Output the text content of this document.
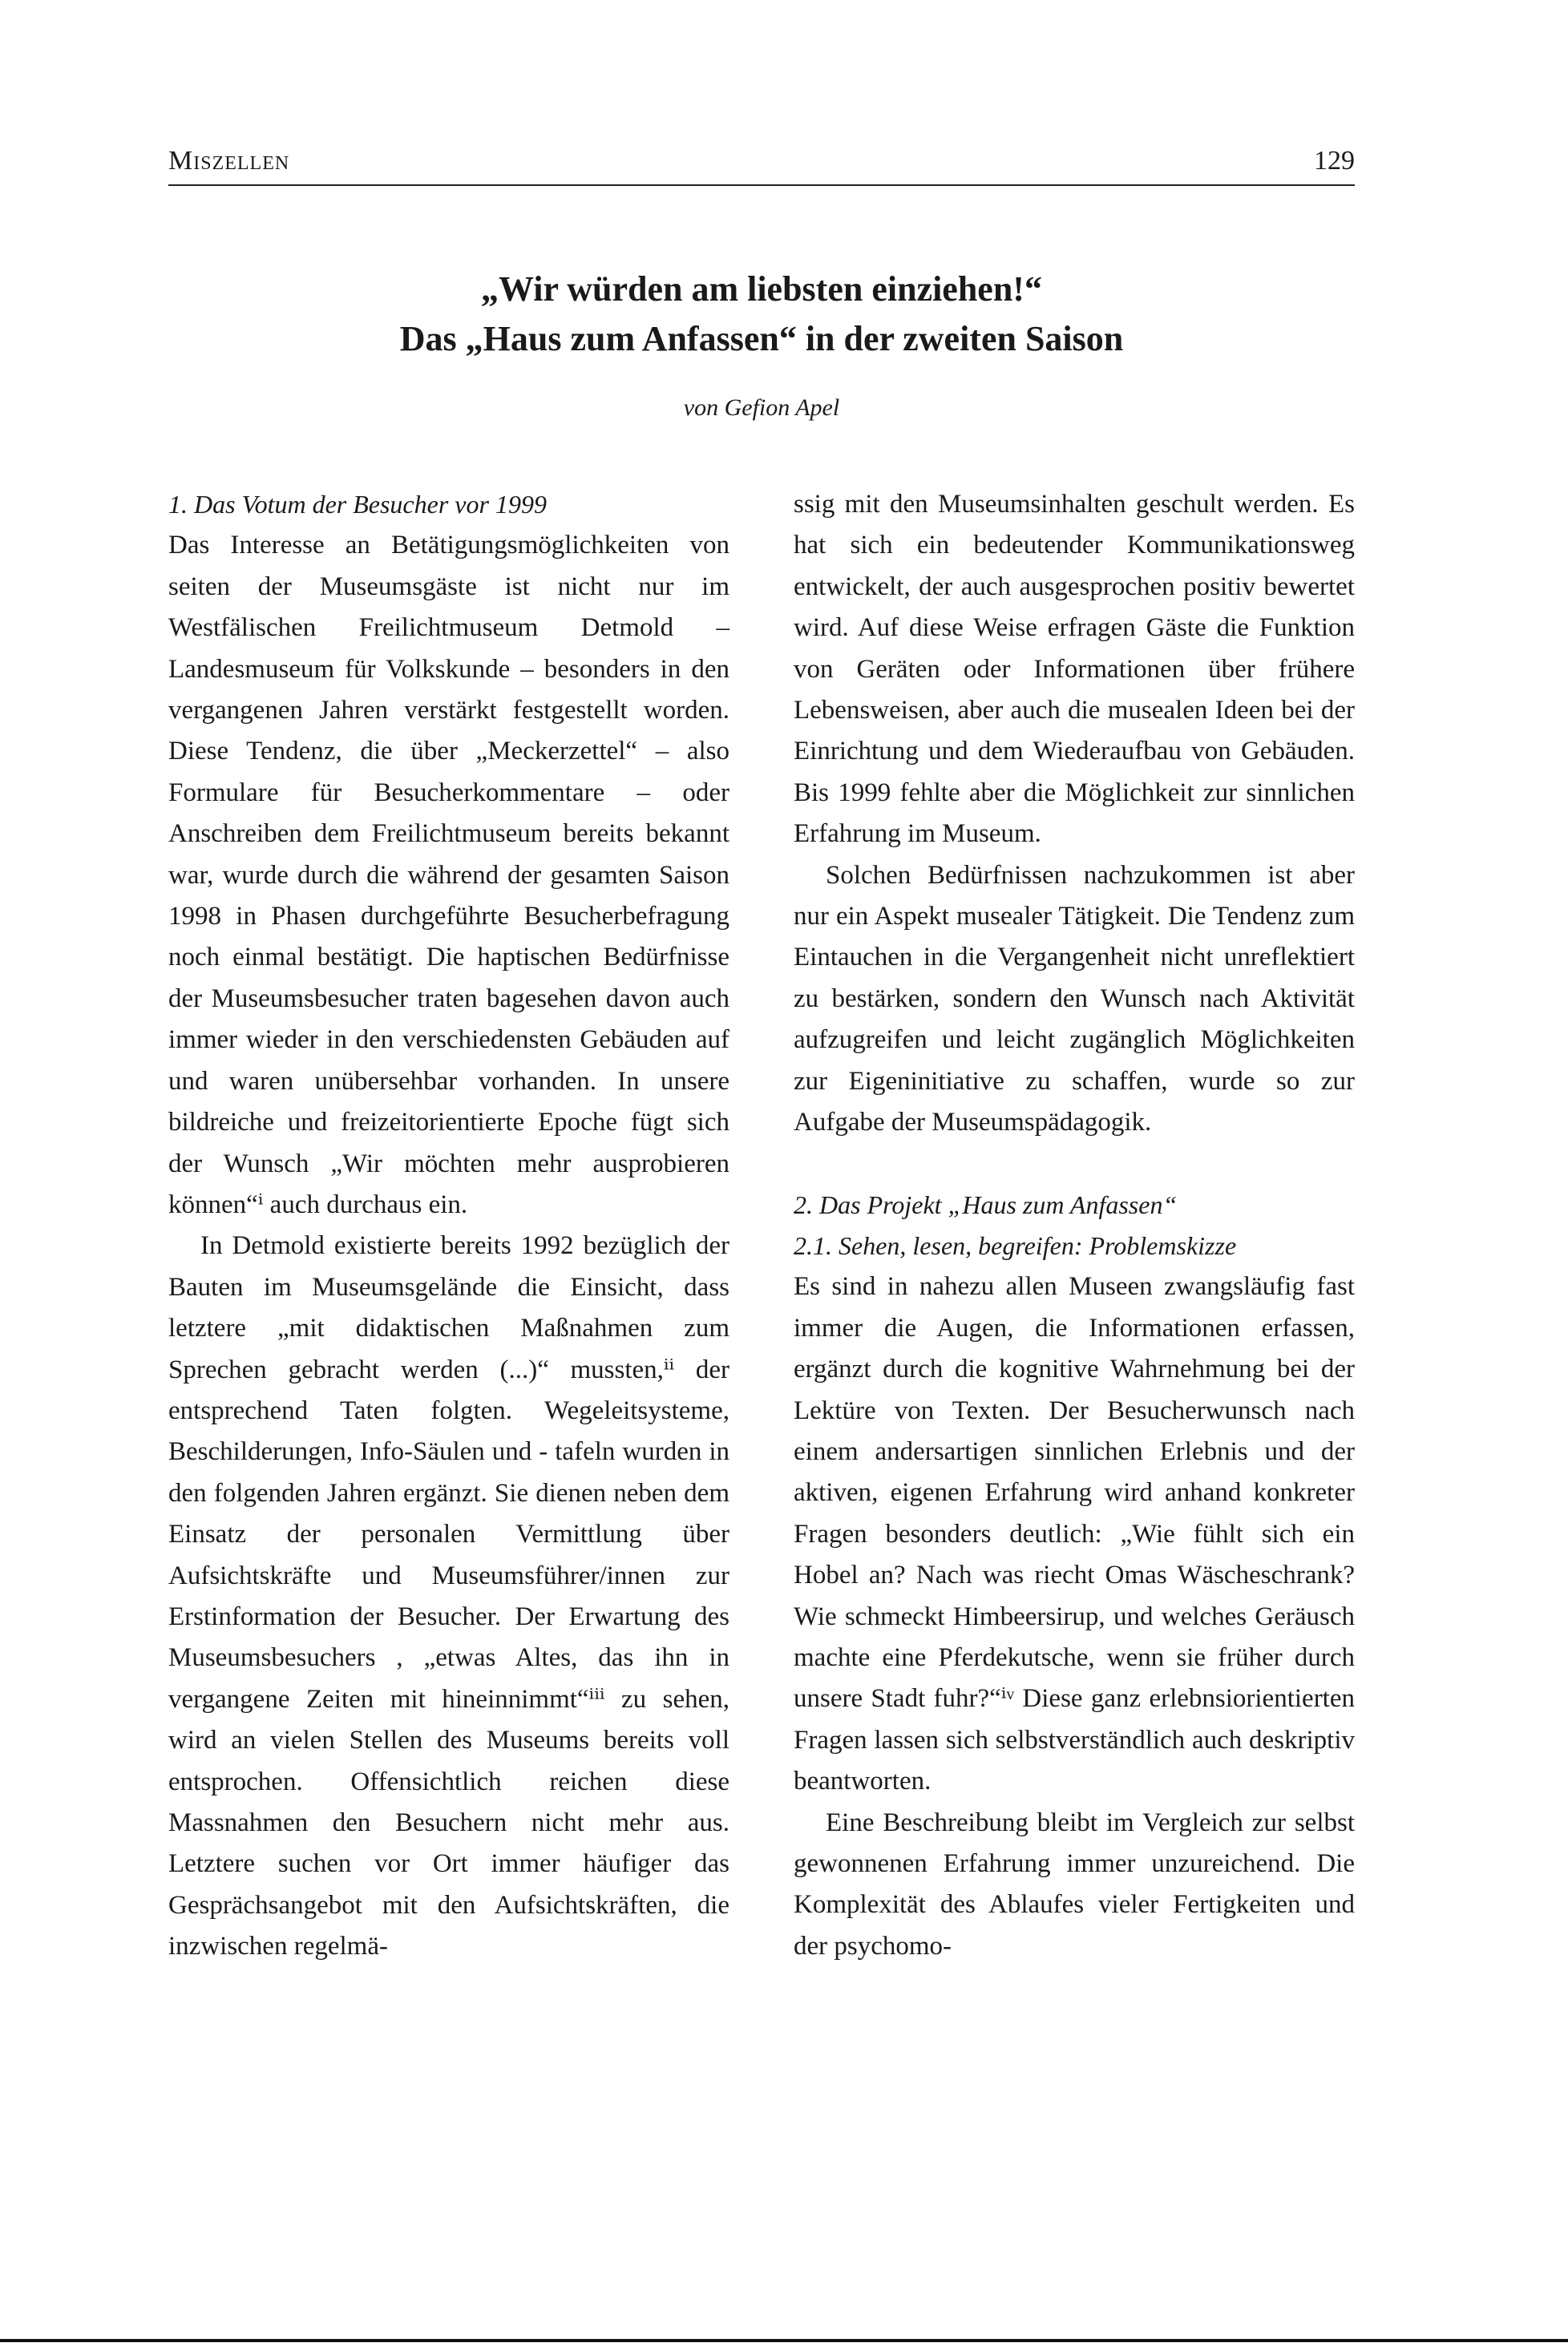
Miszellen	129

„Wir würden am liebsten einziehen!“

Das „Haus zum Anfassen“ in der zweiten Saison

von Gefion Apel
1. Das Votum der Besucher vor 1999

Das Interesse an Betätigungsmöglichkeiten von seiten der Museumsgäste ist nicht nur im Westfälischen Freilichtmuseum Detmold – Landesmuseum für Volkskunde – besonders in den vergangenen Jahren verstärkt festgestellt worden. Diese Tendenz, die über „Meckerzettel“ – also Formulare für Besucherkommentare – oder Anschreiben dem Freilichtmuseum bereits bekannt war, wurde durch die während der gesamten Saison 1998 in Phasen durchgeführte Besucherbefragung noch einmal bestätigt. Die haptischen Bedürfnisse der Museumsbesucher traten bagesehen davon auch immer wieder in den verschiedensten Gebäuden auf und waren unübersehbar vorhanden. In unsere bildreiche und freizeitorientierte Epoche fügt sich der Wunsch „Wir möchten mehr ausprobieren können“ⁱ auch durchaus ein.

In Detmold existierte bereits 1992 bezüglich der Bauten im Museumsgelände die Einsicht, dass letztere „mit didaktischen Maßnahmen zum Sprechen gebracht werden (...)“ mussten,ⁱⁱ der entsprechend Taten folgten. Wegeleitsysteme, Beschilderungen, Info-Säulen und - tafeln wurden in den folgenden Jahren ergänzt. Sie dienen neben dem Einsatz der personalen Vermittlung über Aufsichtskräfte und Museumsführer/innen zur Erstinformation der Besucher. Der Erwartung des Museumsbesuchers , „etwas Altes, das ihn in vergangene Zeiten mit hineinnimmt“ⁱⁱⁱ zu sehen, wird an vielen Stellen des Museums bereits voll entsprochen. Offensichtlich reichen diese Massnahmen den Besuchern nicht mehr aus. Letztere suchen vor Ort immer häufiger das Gesprächsangebot mit den Aufsichtskräften, die inzwischen regelmä-

ssig mit den Museumsinhalten geschult werden. Es hat sich ein bedeutender Kommunikationsweg entwickelt, der auch ausgesprochen positiv bewertet wird. Auf diese Weise erfragen Gäste die Funktion von Geräten oder Informationen über frühere Lebensweisen, aber auch die musealen Ideen bei der Einrichtung und dem Wiederaufbau von Gebäuden. Bis 1999 fehlte aber die Möglichkeit zur sinnlichen Erfahrung im Museum.

Solchen Bedürfnissen nachzukommen ist aber nur ein Aspekt musealer Tätigkeit. Die Tendenz zum Eintauchen in die Vergangenheit nicht unreflektiert zu bestärken, sondern den Wunsch nach Aktivität aufzugreifen und leicht zugänglich Möglichkeiten zur Eigeninitiative zu schaffen, wurde so zur Aufgabe der Museumspädagogik.

2. Das Projekt „Haus zum Anfassen“
2.1. Sehen, lesen, begreifen: Problemskizze

Es sind in nahezu allen Museen zwangsläufig fast immer die Augen, die Informationen erfassen, ergänzt durch die kognitive Wahrnehmung bei der Lektüre von Texten. Der Besucherwunsch nach einem andersartigen sinnlichen Erlebnis und der aktiven, eigenen Erfahrung wird anhand konkreter Fragen besonders deutlich: „Wie fühlt sich ein Hobel an? Nach was riecht Omas Wäscheschrank? Wie schmeckt Himbeersirup, und welches Geräusch machte eine Pferdekutsche, wenn sie früher durch unsere Stadt fuhr?“ⁱᵛ Diese ganz erlebnsiorientierten Fragen lassen sich selbstverständlich auch deskriptiv beantworten.

Eine Beschreibung bleibt im Vergleich zur selbst gewonnenen Erfahrung immer unzureichend. Die Komplexität des Ablaufes vieler Fertigkeiten und der psychomo-
